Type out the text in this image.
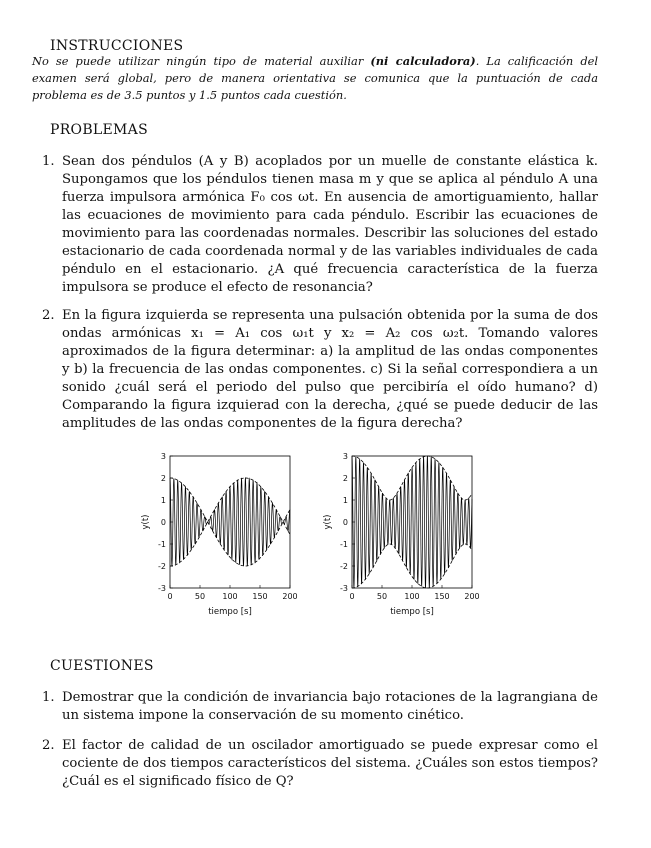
INSTRUCCIONES
No se puede utilizar ningún tipo de material auxiliar (ni calculadora). La calificación del examen será global, pero de manera orientativa se comunica que la puntuación de cada problema es de 3.5 puntos y 1.5 puntos cada cuestión.
PROBLEMAS
1. Sean dos péndulos (A y B) acoplados por un muelle de constante elástica k. Supongamos que los péndulos tienen masa m y que se aplica al péndulo A una fuerza impulsora armónica F₀ cos ωt. En ausencia de amortiguamiento, hallar las ecuaciones de movimiento para cada péndulo. Escribir las ecuaciones de movimiento para las coordenadas normales. Describir las soluciones del estado estacionario de cada coordenada normal y de las variables individuales de cada péndulo en el estacionario. ¿A qué frecuencia característica de la fuerza impulsora se produce el efecto de resonancia?
2. En la figura izquierda se representa una pulsación obtenida por la suma de dos ondas armónicas x₁ = A₁ cos ω₁t y x₂ = A₂ cos ω₂t. Tomando valores aproximados de la figura determinar: a) la amplitud de las ondas componentes y b) la frecuencia de las ondas componentes. c) Si la señal correspondiera a un sonido ¿cuál será el periodo del pulso que percibiría el oído humano? d) Comparando la figura izquierad con la derecha, ¿qué se puede deducir de las amplitudes de las ondas componentes de la figura derecha?
0	50 100 150 200
3
2
1
0
-1
-2
-3
tiempo [s]
y(t)
0	50 100 150 200
3
2
1
0
-1
-2
-3
tiempo [s]
y(t)
CUESTIONES
1. Demostrar que la condición de invariancia bajo rotaciones de la lagrangiana de un sistema impone la conservación de su momento cinético.
2. El factor de calidad de un oscilador amortiguado se puede expresar como el cociente de dos tiempos característicos del sistema. ¿Cuáles son estos tiempos? ¿Cuál es el significado físico de Q?
